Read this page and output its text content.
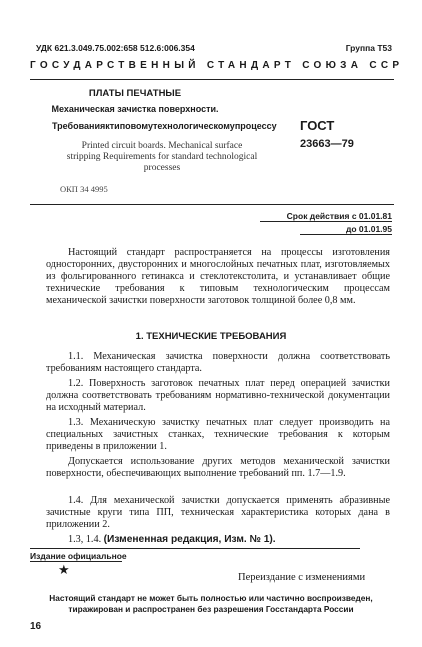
УДК 621.3.049.75.002:658 512.6:006.354	Группа Т53
ГОСУДАРСТВЕННЫЙ СТАНДАРТ СОЮЗА ССР
ПЛАТЫ ПЕЧАТНЫЕ
Механическая зачистка поверхности.
Требования к типовому технологическому процессу ГОСТ
23663—79
Printed circuit boards. Mechanical surface
stripping Requirements for standard technological
processes
ОКП 34 4995
Срок действия с 01.01.81
до 01.01.95
Настоящий стандарт распространяется на процессы изготовления односторонних, двусторонних и многослойных печатных плат, изготовляемых из фольгированного гетинакса и стеклотекстолита, и устанавливает общие технические требования к типовым технологическим процессам механической зачистки поверхности заготовок толщиной более 0,8 мм.
1. ТЕХНИЧЕСКИЕ ТРЕБОВАНИЯ
1.1. Механическая зачистка поверхности должна соответствовать требованиям настоящего стандарта.
1.2. Поверхность заготовок печатных плат перед операцией зачистки должна соответствовать требованиям нормативно-технической документации на исходный материал.
1.3. Механическую зачистку печатных плат следует производить на специальных зачистных станках, технические требования к которым приведены в приложении 1.
Допускается использование других методов механической зачистки поверхности, обеспечивающих выполнение требований пп. 1.7—1.9.
1.4. Для механической зачистки допускается применять абразивные зачистные круги типа ПП, техническая характеристика которых дана в приложении 2.
1.3, 1.4. (Измененная редакция, Изм. № 1).
Издание официальное
★
Переиздание с изменениями
Настоящий стандарт не может быть полностью или частично воспроизведен,
тиражирован и распространен без разрешения Госстандарта России
16
